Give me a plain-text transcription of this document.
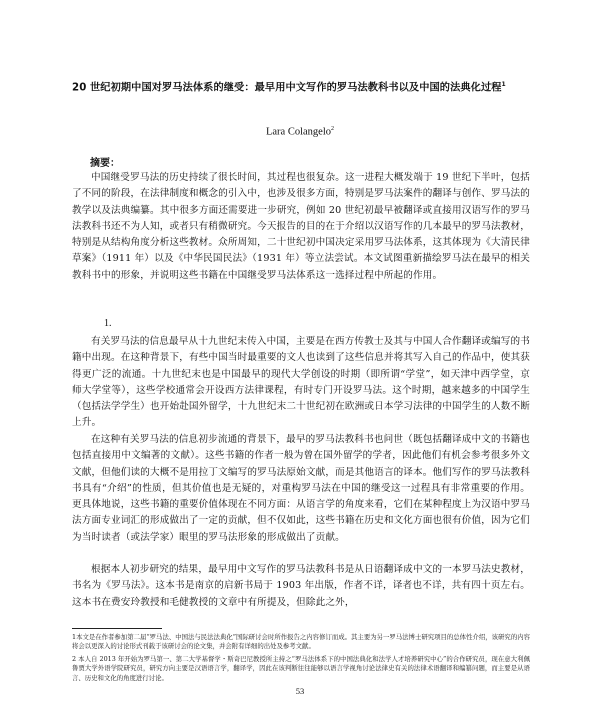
20 世纪初期中国对罗马法体系的继受：最早用中文写作的罗马法教科书以及中国的法典化过程$^1$
Lara Colangelo$^2$
摘要：
中国继受罗马法的历史持续了很长时间，其过程也很复杂。这一进程大概发端于 19 世纪下半叶，包括了不同的阶段，在法律制度和概念的引入中，也涉及很多方面，特别是罗马法案件的翻译与创作、罗马法的教学以及法典编纂。其中很多方面还需要进一步研究，例如 20 世纪初最早被翻译或直接用汉语写作的罗马法教科书还不为人知，或者只有稍微研究。今天报告的目的在于介绍以汉语写作的几本最早的罗马法教材，特别是从结构角度分析这些教材。众所周知，二十世纪初中国决定采用罗马法体系，这其体现为《大清民律草案》（1911 年）以及《中华民国民法》（1931 年）等立法尝试。本文试图重新描绘罗马法在最早的相关教科书中的形象，并说明这些书籍在中国继受罗马法体系这一选择过程中所起的作用。
1.
有关罗马法的信息最早从十九世纪末传入中国，主要是在西方传教士及其与中国人合作翻译或编写的书籍中出现。在这种背景下，有些中国当时最重要的文人也读到了这些信息并将其写入自己的作品中，使其获得更广泛的流通。十九世纪末也是中国最早的现代大学创设的时期（即所谓“学堂”，如天津中西学堂，京师大学堂等），这些学校通常会开设西方法律课程，有时专门开设罗马法。这个时期，越来越多的中国学生（包括法学学生）也开始赴国外留学，十九世纪末二十世纪初在欧洲或日本学习法律的中国学生的人数不断上升。
在这种有关罗马法的信息初步流通的背景下，最早的罗马法教科书也问世（既包括翻译成中文的书籍也包括直接用中文编著的文献）。这些书籍的作者一般为曾在国外留学的学者，因此他们有机会参考很多外文文献，但他们读的大概不是用拉丁文编写的罗马法原始文献，而是其他语言的译本。他们写作的罗马法教科书具有“介绍”的性质，但其价值也是无疑的，对重构罗马法在中国的继受这一过程具有非常重要的作用。更具体地说，这些书籍的重要价值体现在不同方面：从语言学的角度来看，它们在某种程度上为汉语中罗马法方面专业词汇的形成做出了一定的贡献，但不仅如此，这些书籍在历史和文化方面也很有价值，因为它们为当时读者（或法学家）眼里的罗马法形象的形成做出了贡献。
根据本人初步研究的结果，最早用中文写作的罗马法教科书是从日语翻译成中文的一本罗马法史教材，书名为《罗马法》。这本书是南京的启新书局于 1903 年出版，作者不详，译者也不详，共有四十页左右。这本书在费安玲教授和毛健教授的文章中有所提及，但除此之外，
1本文是在作者参加第二届“罗马法、中国法与民法法典化”国际研讨会时所作报告之内容修订而成。其主要为另一罗马法博士研究项目的总体性介绍，该研究的内容将会以更深入的讨论形式刊载于该研讨会的论文集，并会附有详细的出处及参考文献。
2 本人自 2013 年开始为罗马第一、第二大学基督学・斯奇巴尼教授所主持之“罗马法体系下的中国法典化和法学人才培养研究中心”的合作研究员，现在意大利佩鲁贾大学外语学院研究员，研究方向主要是汉语语言学，翻译学，因此在该判断往往能够以语言学视角讨论法律史有关的法律术语翻译和编纂问题，而主要是从语言、历史和文化的角度进行讨论。
53
